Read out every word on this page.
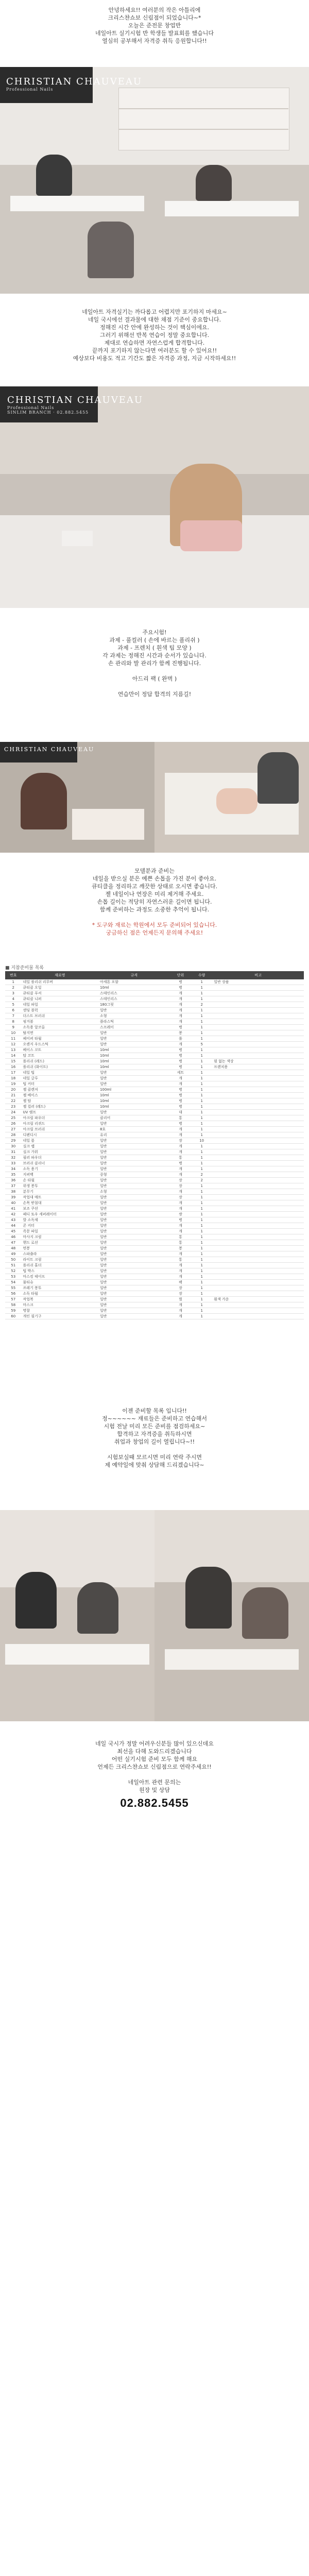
안녕하세요!! 여러분의 작은 아틀리에

크리스챤쇼보 신림점이 되었습니다~*

오늘은 준전문 창업반

네일아트 실기시험 반 학생들 발표회를 했습니다

열심히 공부해서 자격증 취득 응원합니다!!

CHRISTIAN CHAUVEAU
Professional Nails

네일아트 자격실기는 까다롭고 어렵지만 포기하지 마세요~

네일 국시에선 결과물에 대한 채점 기준이 중요합니다.

정해진 시간 안에 완성하는 것이 핵심이에요.

그러기 위해선 반복 연습이 정말 중요합니다.

제대로 연습하면 자연스럽게 합격합니다.

끝까지 포기하지 않는다면 여러분도 할 수 있어요!!

예상보다 비용도 적고 기간도 짧은 자격증 과정, 지금 시작하세요!!

CHRISTIAN CHAUVEAU
Professional Nails
SINLIM BRANCH · 02.882.5455

주요시험!

과제 - 풀컬러 ( 손에 바르는 폴리쉬 )

과제 - 프렌치 ( 흰색 팁 모양 )

각 과제는 정해진 시간과 순서가 있습니다.

손 관리와 발 관리가 함께 진행됩니다.

아드리 팩 ( 완벽 )

연습만이 정답 합격의 지름길!

CHRISTIAN CHAUVEAU

모델분과 준비는

네일을 받으실 분은 예쁜 손톱을 가진 분이 좋아요.

큐티클을 정리하고 깨끗한 상태로 오시면 좋습니다.

젤 네일이나 연장은 미리 제거해 주세요.

손톱 길이는 적당히 자연스러운 길이면 됩니다.

함께 준비하는 과정도 소중한 추억이 됩니다.

* 도구와 재료는 학원에서 모두 준비되어 있습니다.

궁금하신 점은 언제든지 문의해 주세요!

■ 지참준비물 목록
번호	재료명	규격	단위	수량	비고
1	네일 폴리쉬 리무버	아세톤 포함	병	1	일반 상품
2	큐티클 오일	10ml	병	1	
3	큐티클 푸셔	스테인리스	개	1	
4	큐티클 니퍼	스테인리스	개	1	
5	네일 파일	180그릿	개	2	
6	샌딩 블럭	일반	개	1	
7	더스트 브러쉬	소형	개	1	
8	핑거볼	플라스틱	개	1	
9	소독용 알코올	스프레이	병	1	
10	탈지면	일반	봉	1	
11	페이퍼 타월	일반	롤	1	
12	오렌지 우드스틱	일반	개	5	
13	베이스 코트	10ml	병	1	
14	탑 코트	10ml	병	1	
15	폴리쉬 (레드)	10ml	병	1	펄 없는 색상
16	폴리쉬 (화이트)	10ml	병	1	프렌치용
17	네일 팁	일반	세트	1	
18	네일 글루	일반	개	1	
19	팁 커터	일반	개	1	
20	젤 클렌저	100ml	병	1	
21	젤 베이스	10ml	병	1	
22	젤 탑	10ml	병	1	
23	젤 컬러 (레드)	10ml	병	1	
24	UV 램프	일반	대	1	
25	아크릴 파우더	클리어	통	1	
26	아크릴 리퀴드	일반	병	1	
27	아크릴 브러쉬	8호	개	1	
28	디펜디시	유리	개	1	
29	네일 폼	일반	장	10	
30	실크 랩	일반	개	1	
31	실크 가위	일반	개	1	
32	필러 파우더	일반	통	1	
33	브러쉬 클리너	일반	병	1	
34	소독 용기	일반	개	1	
35	지퍼백	중형	개	2	
36	손 타월	일반	장	2	
37	위생 봉투	일반	장	1	
38	분무기	소형	개	1	
39	작업대 매트	일반	장	1	
40	손목 받침대	일반	개	1	
41	보조 쿠션	일반	개	1	
42	페디 토우 세퍼레이터	일반	쌍	1	
43	발 소독제	일반	병	1	
44	콘 커터	일반	개	1	
45	족문 파일	일반	개	1	
46	마사지 크림	일반	통	1	
47	핸드 로션	일반	통	1	
48	면봉	일반	봉	1	
49	스파츌라	일반	개	1	
50	라이트 크림	일반	통	1	
51	폴리쉬 홀더	일반	개	1	
52	팁 박스	일반	개	1	
53	마스킹 테이프	일반	개	1	
54	물티슈	일반	팩	1	
55	쓰레기 봉투	일반	장	1	
56	소독 타월	일반	장	1	
57	작업복	일반	벌	1	흰색 가운
58	마스크	일반	개	1	
59	명찰	일반	개	1	
60	개인 필기구	일반	개	1	

이젠 준비할 목록 입니다!!

정~~~~~~ 재료들은 준비하고 연습해서

시험 전날 미리 모든 준비를 점검하세요~

합격하고 자격증을 취득하시면

취업과 창업의 길이 열립니다~!!

시험보실때 모르시면 미리 연락 주시면

제 예약일에 맞춰 상담해 드리겠습니다~

네일 국시가 정말 어려우신분들 많이 있으신데요

최선을 다해 도와드리겠습니다

어떤 실기시험 준비 모두 함께 해요

언제든 크리스챤쇼보 신림점으로 연락주세요!!

네일아트 관련 문의는

원장 및 상담

02.882.5455
